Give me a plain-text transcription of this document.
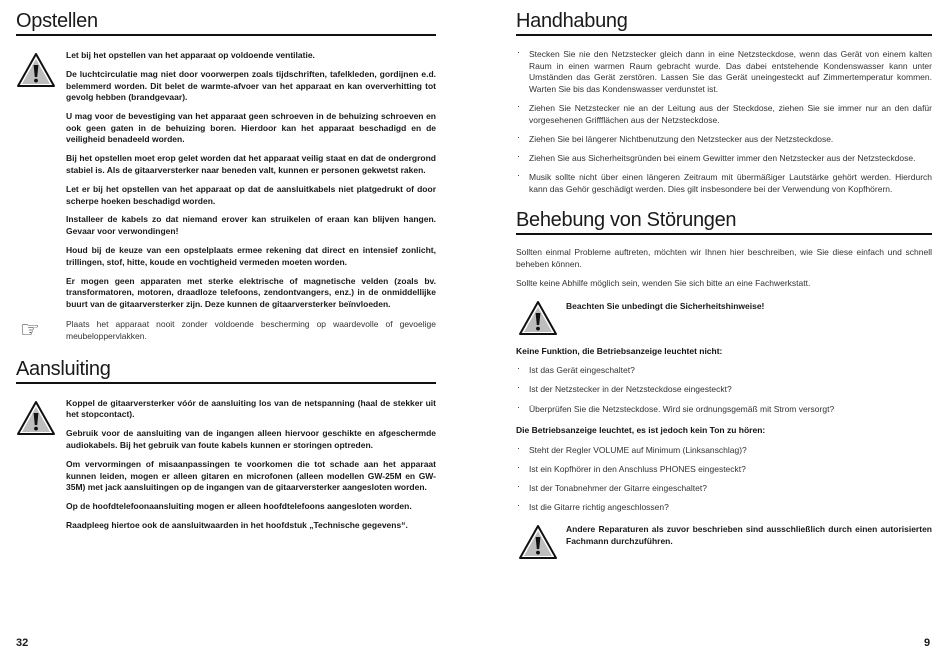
Opstellen

Let bij het opstellen van het apparaat op voldoende ventilatie.

De luchtcirculatie mag niet door voorwerpen zoals tijdschriften, tafelkleden, gordijnen e.d. belemmerd worden. Dit belet de warmte-afvoer van het apparaat en kan oververhitting tot gevolg hebben (brandgevaar).

U mag voor de bevestiging van het apparaat geen schroeven in de behuizing schroeven en ook geen gaten in de behuizing boren. Hierdoor kan het apparaat beschadigd en de veiligheid benadeeld worden.

Bij het opstellen moet erop gelet worden dat het apparaat veilig staat en dat de ondergrond stabiel is. Als de gitaarversterker naar beneden valt, kunnen er personen gekwetst raken.

Let er bij het opstellen van het apparaat op dat de aansluitkabels niet platgedrukt of door scherpe hoeken beschadigd worden.

Installeer de kabels zo dat niemand erover kan struikelen of eraan kan blijven hangen. Gevaar voor verwondingen!

Houd bij de keuze van een opstelplaats ermee rekening dat direct en intensief zonlicht, trillingen, stof, hitte, koude en vochtigheid vermeden moeten worden.

Er mogen geen apparaten met sterke elektrische of magnetische velden (zoals bv. transformatoren, motoren, draadloze telefoons, zendontvangers, enz.) in de onmiddellijke buurt van de gitaarversterker zijn. Deze kunnen de gitaarversterker beïnvloeden.

☞	Plaats het apparaat nooit zonder voldoende bescherming op waardevolle of gevoelige meubeloppervlakken.

Aansluiting

Koppel de gitaarversterker vóór de aansluiting los van de netspanning (haal de stekker uit het stopcontact).

Gebruik voor de aansluiting van de ingangen alleen hiervoor geschikte en afgeschermde audiokabels. Bij het gebruik van foute kabels kunnen er storingen optreden.

Om vervormingen of misaanpassingen te voorkomen die tot schade aan het apparaat kunnen leiden, mogen er alleen gitaren en microfonen (alleen modellen GW-25M en GW-35M) met jack aansluitingen op de ingangen van de gitaarversterker aangesloten worden.

Op de hoofdtelefoonaansluiting mogen er alleen hoofdtelefoons aangesloten worden.

Raadpleeg hiertoe ook de aansluitwaarden in het hoofdstuk „Technische gegevens“.

32
Handhabung
· Stecken Sie nie den Netzstecker gleich dann in eine Netzsteckdose, wenn das Gerät von einem kalten Raum in einen warmen Raum gebracht wurde. Das dabei entstehende Kondenswasser kann unter Umständen das Gerät zerstören. Lassen Sie das Gerät uneingesteckt auf Zimmertemperatur kommen. Warten Sie bis das Kondenswasser verdunstet ist.
· Ziehen Sie Netzstecker nie an der Leitung aus der Steckdose, ziehen Sie sie immer nur an den dafür vorgesehenen Griffflächen aus der Netzsteckdose.
· Ziehen Sie bei längerer Nichtbenutzung den Netzstecker aus der Netzsteckdose.
· Ziehen Sie aus Sicherheitsgründen bei einem Gewitter immer den Netzstecker aus der Netzsteckdose.
· Musik sollte nicht über einen längeren Zeitraum mit übermäßiger Lautstärke gehört werden. Hierdurch kann das Gehör geschädigt werden. Dies gilt insbesondere bei der Verwendung von Kopfhörern.
Behebung von Störungen

Sollten einmal Probleme auftreten, möchten wir Ihnen hier beschreiben, wie Sie diese einfach und schnell beheben können.

Sollte keine Abhilfe möglich sein, wenden Sie sich bitte an eine Fachwerkstatt.

Beachten Sie unbedingt die Sicherheitshinweise!

Keine Funktion, die Betriebsanzeige leuchtet nicht:

· Ist das Gerät eingeschaltet?
· Ist der Netzstecker in der Netzsteckdose eingesteckt?
· Überprüfen Sie die Netzsteckdose. Wird sie ordnungsgemäß mit Strom versorgt?

Die Betriebsanzeige leuchtet, es ist jedoch kein Ton zu hören:

· Steht der Regler VOLUME auf Minimum (Linksanschlag)?
· Ist ein Kopfhörer in den Anschluss PHONES eingesteckt?
· Ist der Tonabnehmer der Gitarre eingeschaltet?
· Ist die Gitarre richtig angeschlossen?

Andere Reparaturen als zuvor beschrieben sind ausschließlich durch einen autorisierten Fachmann durchzuführen.

9
